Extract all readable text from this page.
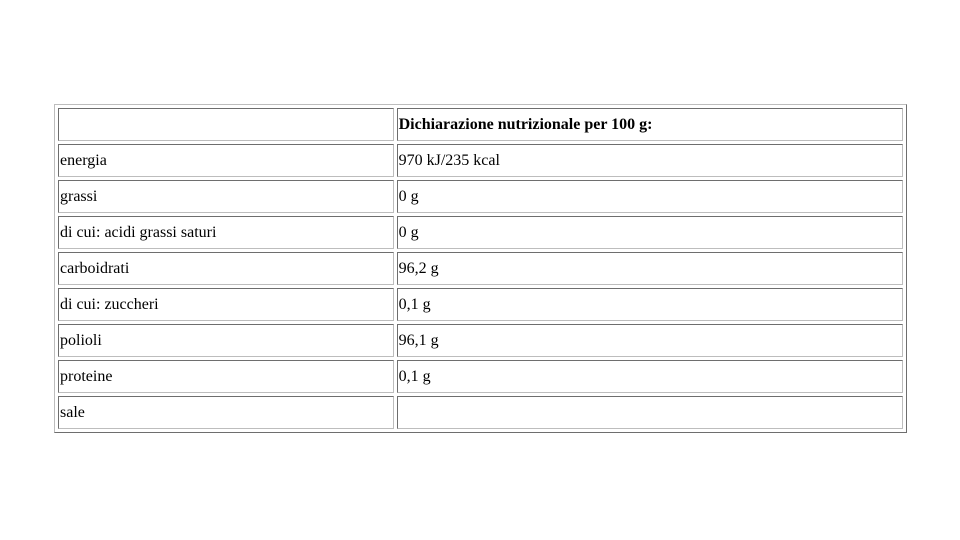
	Dichiarazione nutrizionale per 100 g:
energia	970 kJ/235 kcal
grassi	0 g
di cui: acidi grassi saturi	0 g
carboidrati	96,2 g
di cui: zuccheri	0,1 g
polioli	96,1 g
proteine	0,1 g
sale	
